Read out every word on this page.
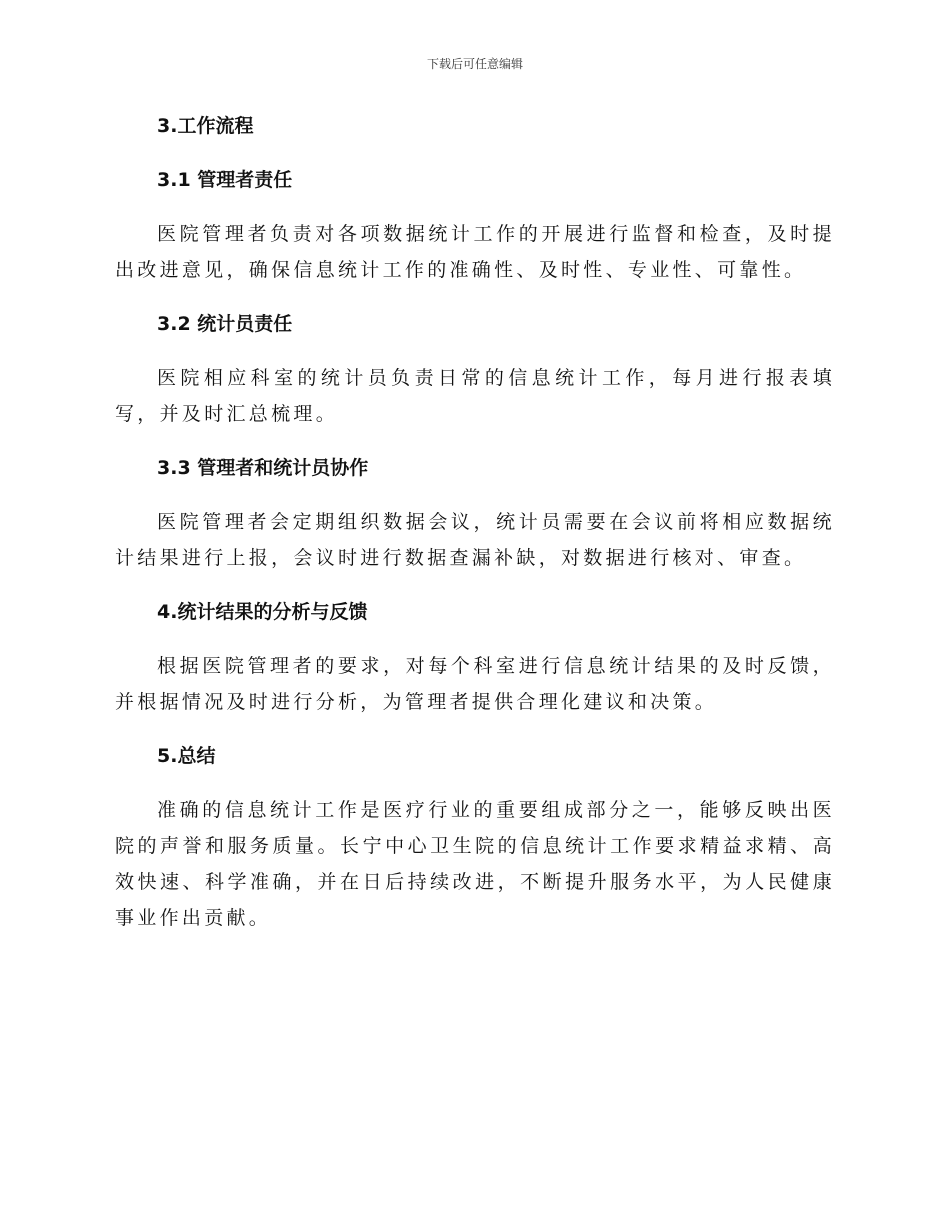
下载后可任意编辑
3.工作流程
3.1 管理者责任

医院管理者负责对各项数据统计工作的开展进行监督和检查，及时提出改进意见，确保信息统计工作的准确性、及时性、专业性、可靠性。

3.2 统计员责任

医院相应科室的统计员负责日常的信息统计工作，每月进行报表填写，并及时汇总梳理。

3.3 管理者和统计员协作

医院管理者会定期组织数据会议，统计员需要在会议前将相应数据统计结果进行上报，会议时进行数据查漏补缺，对数据进行核对、审查。

4.统计结果的分析与反馈

根据医院管理者的要求，对每个科室进行信息统计结果的及时反馈，并根据情况及时进行分析，为管理者提供合理化建议和决策。

5.总结

准确的信息统计工作是医疗行业的重要组成部分之一，能够反映出医院的声誉和服务质量。长宁中心卫生院的信息统计工作要求精益求精、高效快速、科学准确，并在日后持续改进，不断提升服务水平，为人民健康事业作出贡献。
